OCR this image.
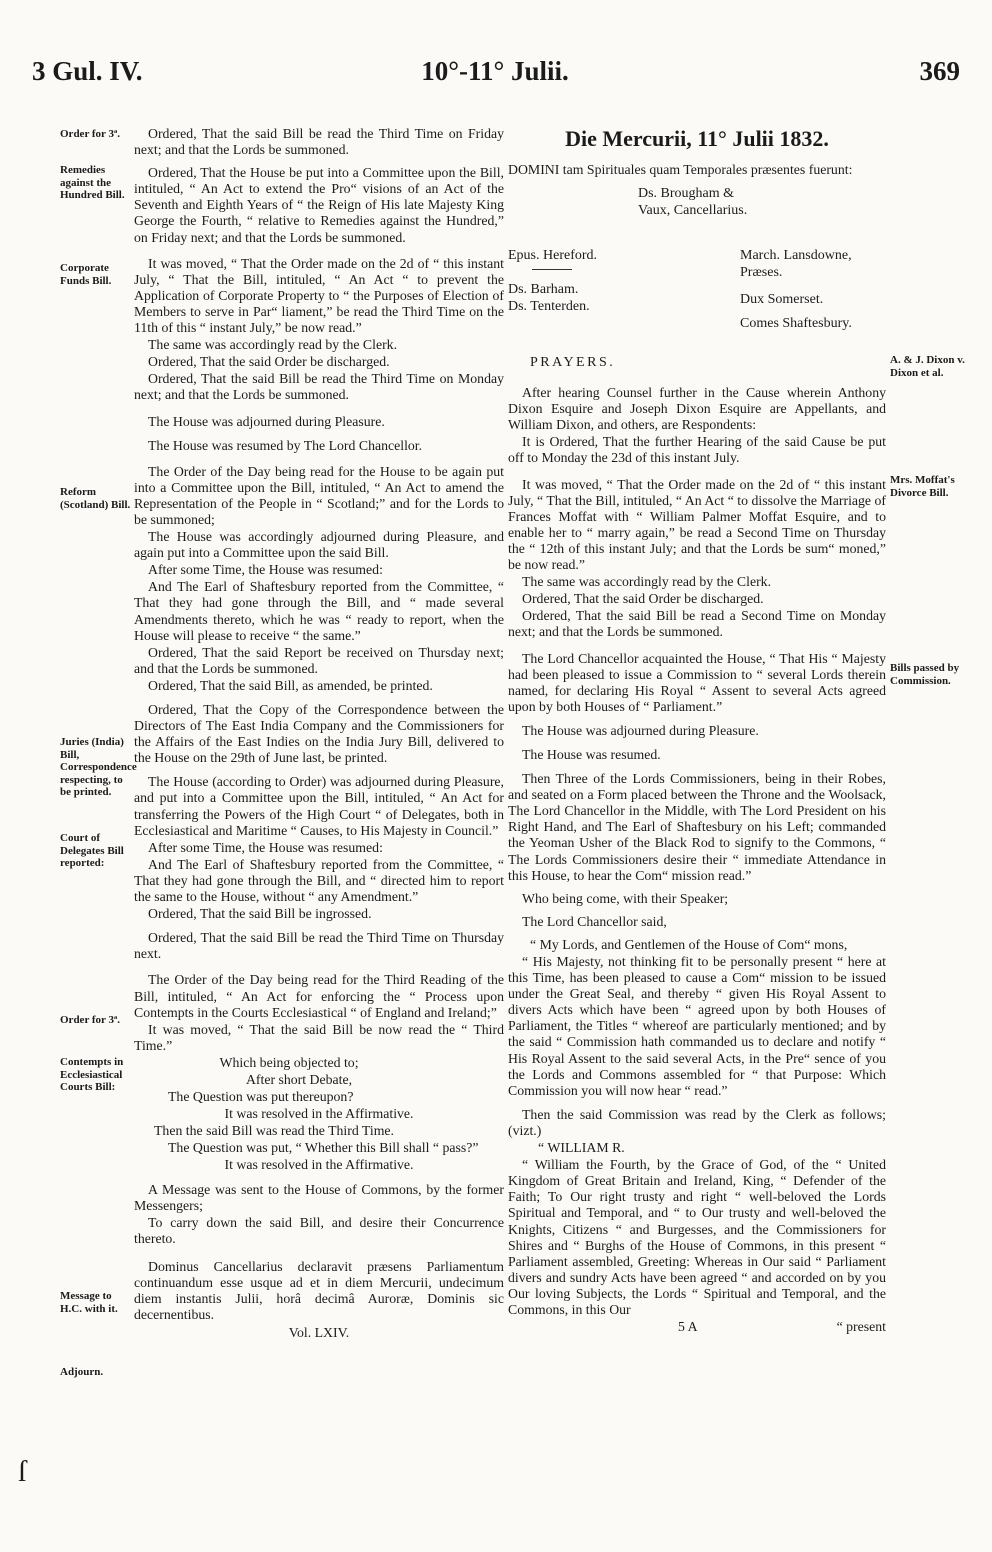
3 Gul. IV.	10°-11° Julii.	369
Order for 3ª.
Remedies against the Hundred Bill.
Corporate Funds Bill.
Reform (Scotland) Bill.
Juries (India) Bill, Correspondence respecting, to be printed.
Court of Delegates Bill reported:
Order for 3ª.
Contempts in Ecclesiastical Courts Bill:
Message to H.C. with it.
Adjourn.

Ordered, That the said Bill be read the Third Time on Friday next; and that the Lords be summoned.

Ordered, That the House be put into a Committee upon the Bill, intituled, “ An Act to extend the Pro“ visions of an Act of the Seventh and Eighth Years of “ the Reign of His late Majesty King George the Fourth, “ relative to Remedies against the Hundred,” on Friday next; and that the Lords be summoned.

It was moved, “ That the Order made on the 2d of “ this instant July, “ That the Bill, intituled, “ An Act “ to prevent the Application of Corporate Property to “ the Purposes of Election of Members to serve in Par“ liament,” be read the Third Time on the 11th of this “ instant July,” be now read.”

The same was accordingly read by the Clerk.

Ordered, That the said Order be discharged.

Ordered, That the said Bill be read the Third Time on Monday next; and that the Lords be summoned.

The House was adjourned during Pleasure.

The House was resumed by The Lord Chancellor.

The Order of the Day being read for the House to be again put into a Committee upon the Bill, intituled, “ An Act to amend the Representation of the People in “ Scotland;” and for the Lords to be summoned;

The House was accordingly adjourned during Pleasure, and again put into a Committee upon the said Bill.

After some Time, the House was resumed:

And The Earl of Shaftesbury reported from the Committee, “ That they had gone through the Bill, and “ made several Amendments thereto, which he was “ ready to report, when the House will please to receive “ the same.”

Ordered, That the said Report be received on Thursday next; and that the Lords be summoned.

Ordered, That the said Bill, as amended, be printed.

Ordered, That the Copy of the Correspondence between the Directors of The East India Company and the Commissioners for the Affairs of the East Indies on the India Jury Bill, delivered to the House on the 29th of June last, be printed.

The House (according to Order) was adjourned during Pleasure, and put into a Committee upon the Bill, intituled, “ An Act for transferring the Powers of the High Court “ of Delegates, both in Ecclesiastical and Maritime “ Causes, to His Majesty in Council.”

After some Time, the House was resumed:

And The Earl of Shaftesbury reported from the Committee, “ That they had gone through the Bill, and “ directed him to report the same to the House, without “ any Amendment.”

Ordered, That the said Bill be ingrossed.

Ordered, That the said Bill be read the Third Time on Thursday next.

The Order of the Day being read for the Third Reading of the Bill, intituled, “ An Act for enforcing the “ Process upon Contempts in the Courts Ecclesiastical “ of England and Ireland;”

It was moved, “ That the said Bill be now read the “ Third Time.”

Which being objected to;

After short Debate,

The Question was put thereupon?

It was resolved in the Affirmative.

Then the said Bill was read the Third Time.

The Question was put, “ Whether this Bill shall “ pass?”

It was resolved in the Affirmative.

A Message was sent to the House of Commons, by the former Messengers;

To carry down the said Bill, and desire their Concurrence thereto.

Dominus Cancellarius declaravit præsens Parliamentum continuandum esse usque ad et in diem Mercurii, undecimum diem instantis Julii, horâ decimâ Auroræ, Dominis sic decernentibus.

Vol. LXIV.

Die Mercurii, 11° Julii 1832.

DOMINI tam Spirituales quam Temporales præsentes fuerunt:

Ds. Brougham & Vaux, Cancellarius.
Epus. Hereford.	March. Lansdowne, Præses.
Ds. Barham.
Ds. Tenterden.	Dux Somerset.
Comes Shaftesbury.
PRAYERS.

After hearing Counsel further in the Cause wherein Anthony Dixon Esquire and Joseph Dixon Esquire are Appellants, and William Dixon, and others, are Respondents:

It is Ordered, That the further Hearing of the said Cause be put off to Monday the 23d of this instant July.

It was moved, “ That the Order made on the 2d of “ this instant July, “ That the Bill, intituled, “ An Act “ to dissolve the Marriage of Frances Moffat with “ William Palmer Moffat Esquire, and to enable her to “ marry again,” be read a Second Time on Thursday the “ 12th of this instant July; and that the Lords be sum“ moned,” be now read.”

The same was accordingly read by the Clerk.

Ordered, That the said Order be discharged.

Ordered, That the said Bill be read a Second Time on Monday next; and that the Lords be summoned.

The Lord Chancellor acquainted the House, “ That His “ Majesty had been pleased to issue a Commission to “ several Lords therein named, for declaring His Royal “ Assent to several Acts agreed upon by both Houses of “ Parliament.”

The House was adjourned during Pleasure.

The House was resumed.

Then Three of the Lords Commissioners, being in their Robes, and seated on a Form placed between the Throne and the Woolsack, The Lord Chancellor in the Middle, with The Lord President on his Right Hand, and The Earl of Shaftesbury on his Left; commanded the Yeoman Usher of the Black Rod to signify to the Commons, “ The Lords Commissioners desire their “ immediate Attendance in this House, to hear the Com“ mission read.”

Who being come, with their Speaker;

The Lord Chancellor said,

“ My Lords, and Gentlemen of the House of Com“ mons,

“ His Majesty, not thinking fit to be personally present “ here at this Time, has been pleased to cause a Com“ mission to be issued under the Great Seal, and thereby “ given His Royal Assent to divers Acts which have been “ agreed upon by both Houses of Parliament, the Titles “ whereof are particularly mentioned; and by the said “ Commission hath commanded us to declare and notify “ His Royal Assent to the said several Acts, in the Pre“ sence of you the Lords and Commons assembled for “ that Purpose: Which Commission you will now hear “ read.”

Then the said Commission was read by the Clerk as follows; (vizt.)

“ WILLIAM R.

“ William the Fourth, by the Grace of God, of the “ United Kingdom of Great Britain and Ireland, King, “ Defender of the Faith; To Our right trusty and right “ well-beloved the Lords Spiritual and Temporal, and “ to Our trusty and well-beloved the Knights, Citizens “ and Burgesses, and the Commissioners for Shires and “ Burghs of the House of Commons, in this present “ Parliament assembled, Greeting: Whereas in Our said “ Parliament divers and sundry Acts have been agreed “ and accorded on by you Our loving Subjects, the Lords “ Spiritual and Temporal, and the Commons, in this Our

5 A	“ present
A. & J. Dixon v. Dixon et al.
Mrs. Moffat's Divorce Bill.
Bills passed by Commission.
ſ
